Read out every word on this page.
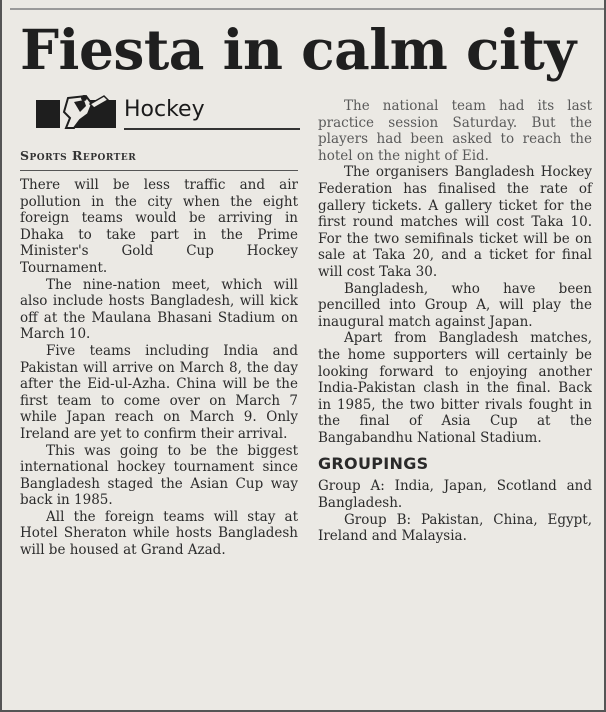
Fiesta in calm city
Hockey
Sports Reporter

There will be less traffic and air pollution in the city when the eight foreign teams would be arriving in Dhaka to take part in the Prime Minister's Gold Cup Hockey Tournament.

The nine-nation meet, which will also include hosts Bangladesh, will kick off at the Maulana Bhasani Stadium on March 10.

Five teams including India and Pakistan will arrive on March 8, the day after the Eid-ul-Azha. China will be the first team to come over on March 7 while Japan reach on March 9. Only Ireland are yet to confirm their arrival.

This was going to be the biggest international hockey tournament since Bangladesh staged the Asian Cup way back in 1985.

All the foreign teams will stay at Hotel Sheraton while hosts Bangladesh will be housed at Grand Azad.

The national team had its last practice session Saturday. But the players had been asked to reach the hotel on the night of Eid.

The organisers Bangladesh Hockey Federation has finalised the rate of gallery tickets. A gallery ticket for the first round matches will cost Taka 10. For the two semifinals ticket will be on sale at Taka 20, and a ticket for final will cost Taka 30.

Bangladesh, who have been pencilled into Group A, will play the inaugural match against Japan.

Apart from Bangladesh matches, the home supporters will certainly be looking forward to enjoying another India-Pakistan clash in the final. Back in 1985, the two bitter rivals fought in the final of Asia Cup at the Bangabandhu National Stadium.

GROUPINGS

Group A: India, Japan, Scotland and Bangladesh.

Group B: Pakistan, China, Egypt, Ireland and Malaysia.
